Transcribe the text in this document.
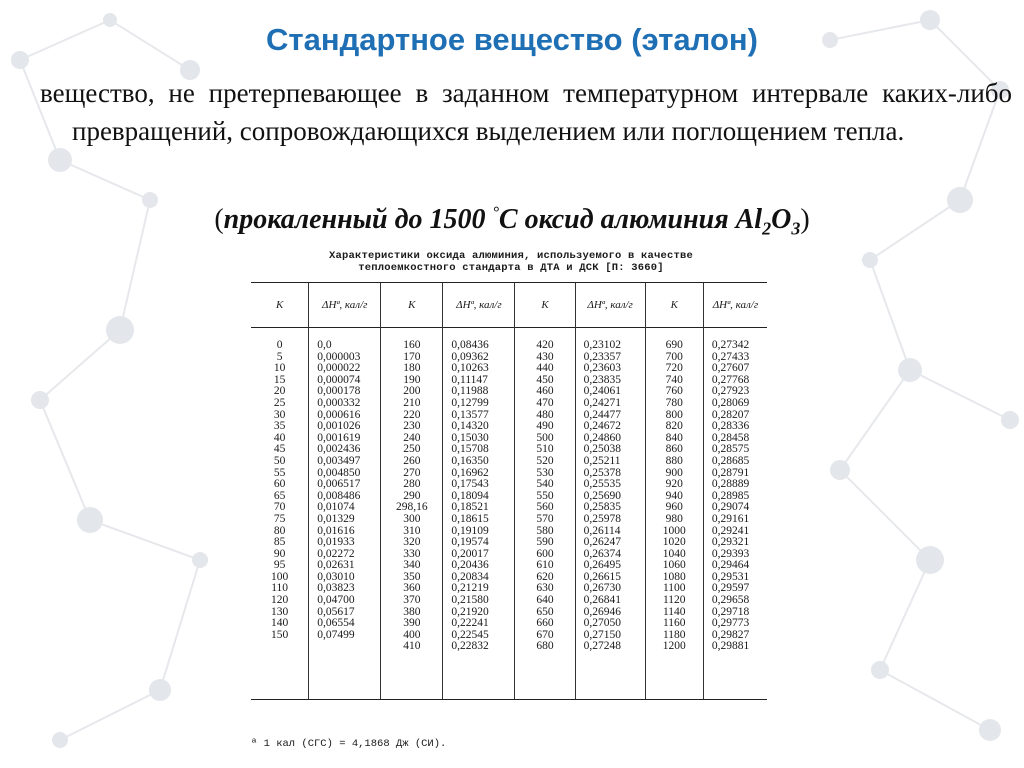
Стандартное вещество (эталон)
вещество, не претерпевающее в заданном температурном интервале каких-либо превращений, сопровождающихся выделением или поглощением тепла.
(прокаленный до 1500 °C оксид алюминия $Al_2O_3$)
Характеристики оксида алюминия, используемого в качестве
теплоемкостного стандарта в ДТА и ДСК [П: 3660]
K
0
5
10
15
20
25
30
35
40
45
50
55
60
65
70
75
80
85
90
95
100
110
120
130
140
150
ΔHª, кал/г
0,0
0,000003
0,000022
0,000074
0,000178
0,000332
0,000616
0,001026
0,001619
0,002436
0,003497
0,004850
0,006517
0,008486
0,01074
0,01329
0,01616
0,01933
0,02272
0,02631
0,03010
0,03823
0,04700
0,05617
0,06554
0,07499
K
160
170
180
190
200
210
220
230
240
250
260
270
280
290
298,16
300
310
320
330
340
350
360
370
380
390
400
410
ΔHª, кал/г
0,08436
0,09362
0,10263
0,11147
0,11988
0,12799
0,13577
0,14320
0,15030
0,15708
0,16350
0,16962
0,17543
0,18094
0,18521
0,18615
0,19109
0,19574
0,20017
0,20436
0,20834
0,21219
0,21580
0,21920
0,22241
0,22545
0,22832
K
420
430
440
450
460
470
480
490
500
510
520
530
540
550
560
570
580
590
600
610
620
630
640
650
660
670
680
ΔHª, кал/г
0,23102
0,23357
0,23603
0,23835
0,24061
0,24271
0,24477
0,24672
0,24860
0,25038
0,25211
0,25378
0,25535
0,25690
0,25835
0,25978
0,26114
0,26247
0,26374
0,26495
0,26615
0,26730
0,26841
0,26946
0,27050
0,27150
0,27248
K
690
700
720
740
760
780
800
820
840
860
880
900
920
940
960
980
1000
1020
1040
1060
1080
1100
1120
1140
1160
1180
1200
ΔHª, кал/г
0,27342
0,27433
0,27607
0,27768
0,27923
0,28069
0,28207
0,28336
0,28458
0,28575
0,28685
0,28791
0,28889
0,28985
0,29074
0,29161
0,29241
0,29321
0,29393
0,29464
0,29531
0,29597
0,29658
0,29718
0,29773
0,29827
0,29881
ª 1 кал (СГС) = 4,1868 Дж (СИ).
